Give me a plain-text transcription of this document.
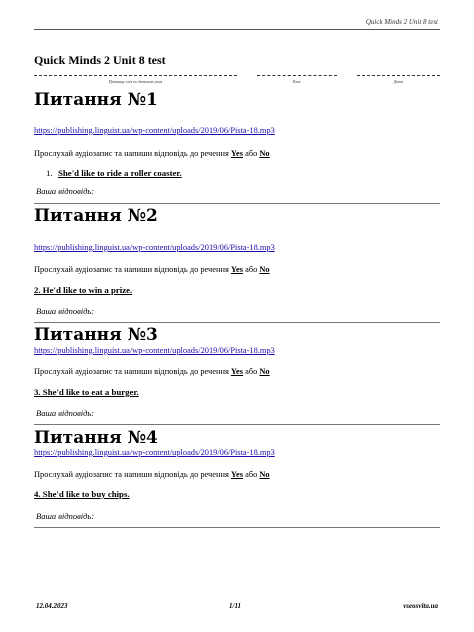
Quick Minds 2 Unit 8 test
Quick Minds 2 Unit 8 test
Прізвище ім'я по батькові учня	Клас	Дата
Питання №1
https://publishing.linguist.ua/wp-content/uploads/2019/06/Pista-18.mp3
Прослухай аудіозапис та напиши відповідь до речення Yes або No
1. She'd like to ride a roller coaster.
Ваша відповідь:
Питання №2
https://publishing.linguist.ua/wp-content/uploads/2019/06/Pista-18.mp3
Прослухай аудіозапис та напиши відповідь до речення Yes або No
2. He'd like to win a prize.
Ваша відповідь:
Питання №3
https://publishing.linguist.ua/wp-content/uploads/2019/06/Pista-18.mp3
Прослухай аудіозапис та напиши відповідь до речення Yes або No
3. She'd like to eat a burger.
Ваша відповідь:
Питання №4
https://publishing.linguist.ua/wp-content/uploads/2019/06/Pista-18.mp3
Прослухай аудіозапис та напиши відповідь до речення Yes або No
4. She'd like to buy chips.
Ваша відповідь:
12.04.2023	1/11	vseosvita.ua
